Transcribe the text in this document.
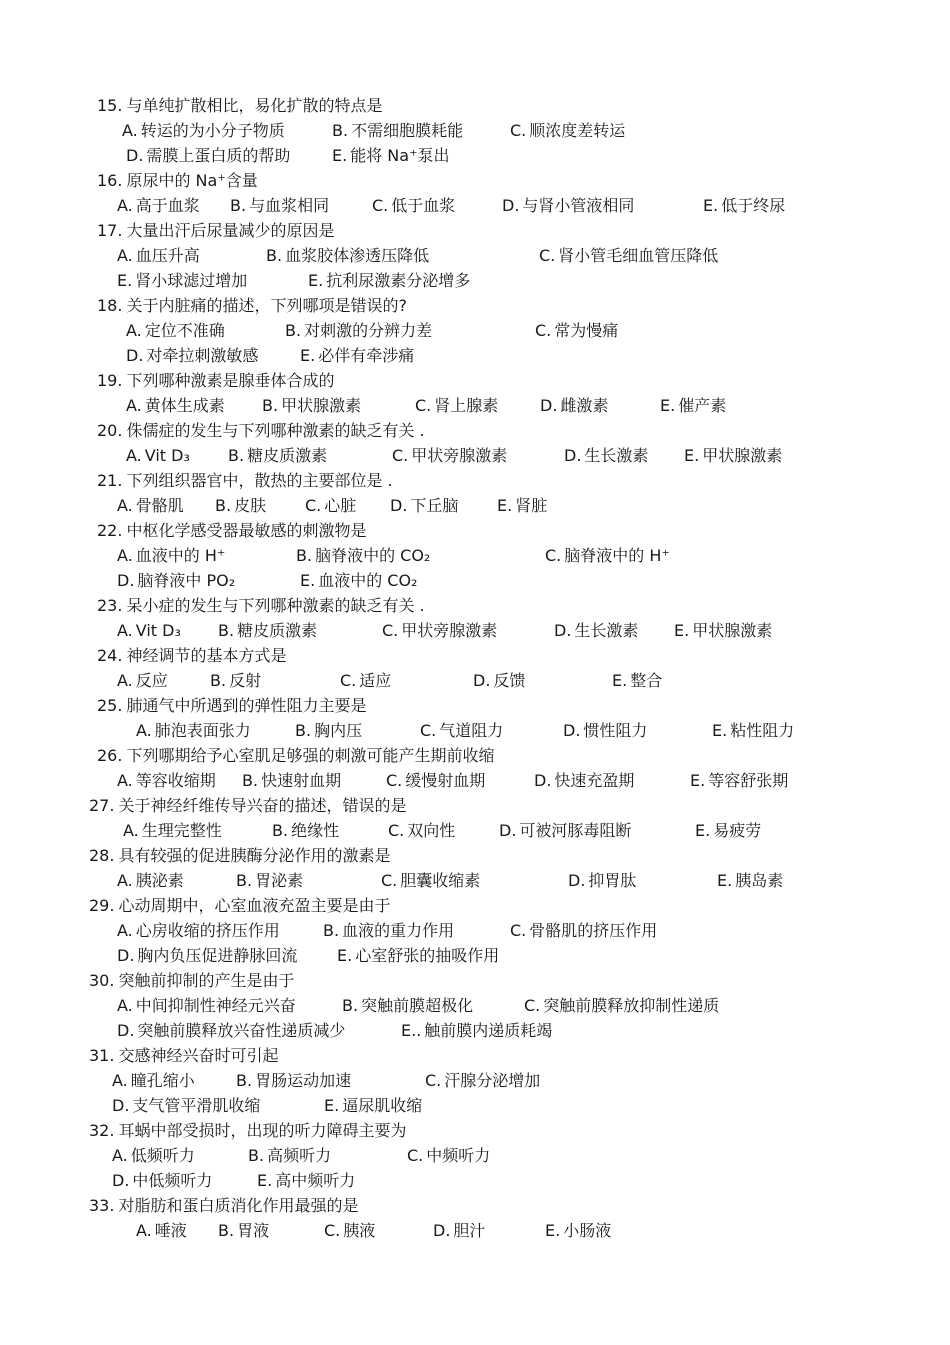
15. 与单纯扩散相比，易化扩散的特点是
A. 转运的为小分子物质	B. 不需细胞膜耗能	C. 顺浓度差转运
D. 需膜上蛋白质的帮助	E. 能将 Na⁺泵出
16. 原尿中的 Na⁺含量
A. 高于血浆 B. 与血浆相同	C. 低于血浆	D. 与肾小管液相同	E. 低于终尿
17. 大量出汗后尿量减少的原因是
A. 血压升高	B. 血浆胶体渗透压降低	C. 肾小管毛细血管压降低
E. 肾小球滤过增加	E. 抗利尿激素分泌增多
18. 关于内脏痛的描述，下列哪项是错误的?
A. 定位不准确	B. 对刺激的分辨力差	C. 常为慢痛
D. 对牵拉刺激敏感	E. 必伴有牵涉痛
19. 下列哪种激素是腺垂体合成的
A. 黄体生成素 B. 甲状腺激素	C. 肾上腺素	D. 雌激素	E. 催产素
20. 侏儒症的发生与下列哪种激素的缺乏有关 .
A. Vit D₃ B. 糖皮质激素	C. 甲状旁腺激素	D. 生长激素 E. 甲状腺激素
21. 下列组织器官中，散热的主要部位是 .
A. 骨骼肌 B. 皮肤 C. 心脏 D. 下丘脑 E. 肾脏
22. 中枢化学感受器最敏感的刺激物是
A. 血液中的 H⁺	B. 脑脊液中的 CO₂	C. 脑脊液中的 H⁺
D. 脑脊液中 PO₂	E. 血液中的 CO₂
23. 呆小症的发生与下列哪种激素的缺乏有关 .
A. Vit D₃ B. 糖皮质激素	C. 甲状旁腺激素	D. 生长激素 E. 甲状腺激素
24. 神经调节的基本方式是
A. 反应	B. 反射	C. 适应	D. 反馈	E. 整合
25. 肺通气中所遇到的弹性阻力主要是
A. 肺泡表面张力	B. 胸内压	C. 气道阻力	D. 惯性阻力	E. 粘性阻力
26. 下列哪期给予心室肌足够强的刺激可能产生期前收缩
A. 等容收缩期 B. 快速射血期	C. 缓慢射血期	D. 快速充盈期	E. 等容舒张期
27. 关于神经纤维传导兴奋的描述，错误的是
A. 生理完整性	B. 绝缘性	C. 双向性	D. 可被河豚毒阻断	E. 易疲劳
28. 具有较强的促进胰酶分泌作用的激素是
A. 胰泌素	B. 胃泌素	C. 胆囊收缩素	D. 抑胃肽	E. 胰岛素
29. 心动周期中，心室血液充盈主要是由于
A. 心房收缩的挤压作用	B. 血液的重力作用	C. 骨骼肌的挤压作用
D. 胸内负压促进静脉回流 E. 心室舒张的抽吸作用
30. 突触前抑制的产生是由于
A. 中间抑制性神经元兴奋	B. 突触前膜超极化	C. 突触前膜释放抑制性递质
D. 突触前膜释放兴奋性递质减少	E.. 触前膜内递质耗竭
31. 交感神经兴奋时可引起
A. 瞳孔缩小	B. 胃肠运动加速	C. 汗腺分泌增加
D. 支气管平滑肌收缩	E. 逼尿肌收缩
32. 耳蜗中部受损时，出现的听力障碍主要为
A. 低频听力	B. 高频听力	C. 中频听力
D. 中低频听力	E. 高中频听力
33. 对脂肪和蛋白质消化作用最强的是
A. 唾液 B. 胃液	C. 胰液	D. 胆汁	E. 小肠液
